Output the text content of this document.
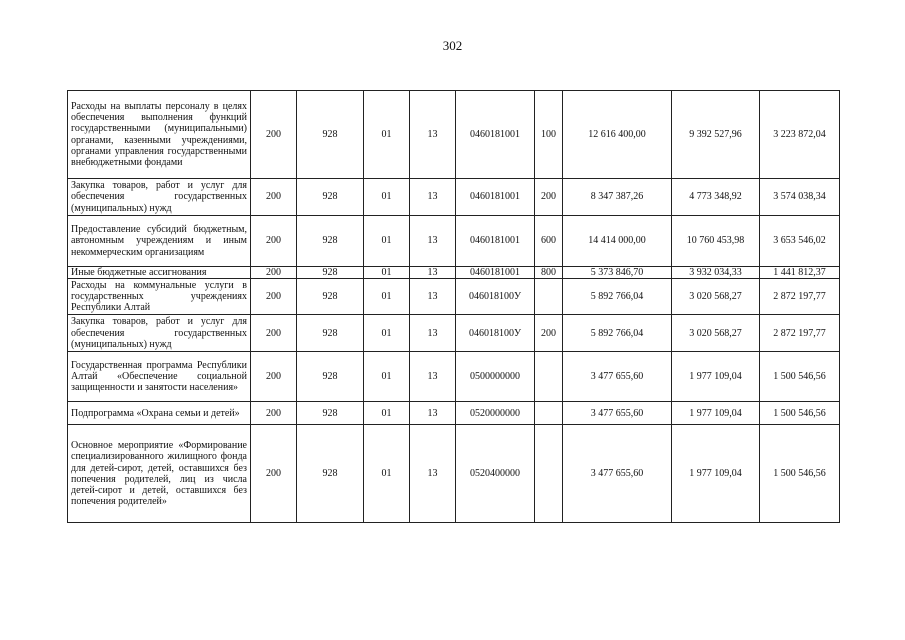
302
Расходы на выплаты персоналу в целях обеспечения выполнения функций государственными (муниципальными) органами, казенными учреждениями, органами управления государственными внебюджетными фондами	200	928	01	13	0460181001	100	12 616 400,00	9 392 527,96	3 223 872,04
Закупка товаров, работ и услуг для обеспечения государственных (муниципальных) нужд	200	928	01	13	0460181001	200	8 347 387,26	4 773 348,92	3 574 038,34
Предоставление субсидий бюджетным, автономным учреждениям и иным некоммерческим организациям	200	928	01	13	0460181001	600	14 414 000,00	10 760 453,98	3 653 546,02
Иные бюджетные ассигнования	200	928	01	13	0460181001	800	5 373 846,70	3 932 034,33	1 441 812,37
Расходы на коммунальные услуги в государственных учреждениях Республики Алтай	200	928	01	13	046018100У		5 892 766,04	3 020 568,27	2 872 197,77
Закупка товаров, работ и услуг для обеспечения государственных (муниципальных) нужд	200	928	01	13	046018100У	200	5 892 766,04	3 020 568,27	2 872 197,77
Государственная программа Республики Алтай «Обеспечение социальной защищенности и занятости населения»	200	928	01	13	0500000000		3 477 655,60	1 977 109,04	1 500 546,56
Подпрограмма «Охрана семьи и детей»	200	928	01	13	0520000000		3 477 655,60	1 977 109,04	1 500 546,56
Основное мероприятие «Формирование специализированного жилищного фонда для детей-сирот, детей, оставшихся без попечения родителей, лиц из числа детей-сирот и детей, оставшихся без попечения родителей»	200	928	01	13	0520400000		3 477 655,60	1 977 109,04	1 500 546,56
